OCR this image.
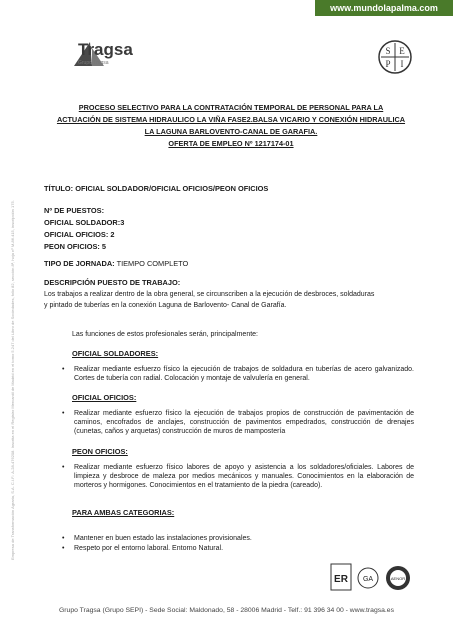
www.mundolapalma.com
Tragsa
Grupo Tragsa
S E
P I
Empresa de Transformación Agraria, S.A. C.I.F.: A-28-476208. Inscrita en el Registro Mercantil de Madrid en el tomo 5.247 del Libro de Sociedades, folio 82, sección 8ª, hoja nº M-86.415, inscripción 175.
PROCESO SELECTIVO PARA LA CONTRATACIÓN TEMPORAL DE PERSONAL PARA LA
ACTUACIÓN DE SISTEMA HIDRAULICO LA VIÑA FASE2.BALSA VICARIO Y CONEXIÓN HIDRAULICA
LA LAGUNA BARLOVENTO-CANAL DE GARAFIA.
OFERTA DE EMPLEO Nº 1217174-01
TÍTULO: OFICIAL SOLDADOR/OFICIAL OFICIOS/PEON OFICIOS
Nº DE PUESTOS:
OFICIAL SOLDADOR:3
OFICIAL OFICIOS: 2
PEON OFICIOS: 5
TIPO DE JORNADA: TIEMPO COMPLETO
DESCRIPCIÓN PUESTO DE TRABAJO:
Los trabajos a realizar dentro de la obra general, se circunscriben a la ejecución de desbroces, soldaduras
y pintado de tuberías en la conexión Laguna de Barlovento- Canal de Garafía.
Las funciones de estos profesionales serán, principalmente:
OFICIAL SOLDADORES:
• Realizar mediante esfuerzo físico la ejecución de trabajos de soldadura en tuberías de acero galvanizado. Cortes de tubería con radial. Colocación y montaje de valvulería en general.
OFICIAL OFICIOS:
• Realizar mediante esfuerzo físico la ejecución de trabajos propios de construcción de pavimentación de caminos, encofrados de anclajes, construcción de pavimentos empedrados, construcción de drenajes (cunetas, caños y arquetas) construcción de muros de mampostería
PEON OFICIOS:
• Realizar mediante esfuerzo físico labores de apoyo y asistencia a los soldadores/oficiales. Labores de limpieza y desbroce de maleza por medios mecánicos y manuales. Conocimientos en la elaboración de morteros y hormigones. Conocimientos en el tratamiento de la piedra (careado).
PARA AMBAS CATEGORIAS:
• Mantener en buen estado las instalaciones provisionales.
• Respeto por el entorno laboral. Entorno Natural.
ER GA	AENOR
Grupo Tragsa (Grupo SEPI) - Sede Social: Maldonado, 58 - 28006 Madrid - Telf.: 91 396 34 00 - www.tragsa.es
